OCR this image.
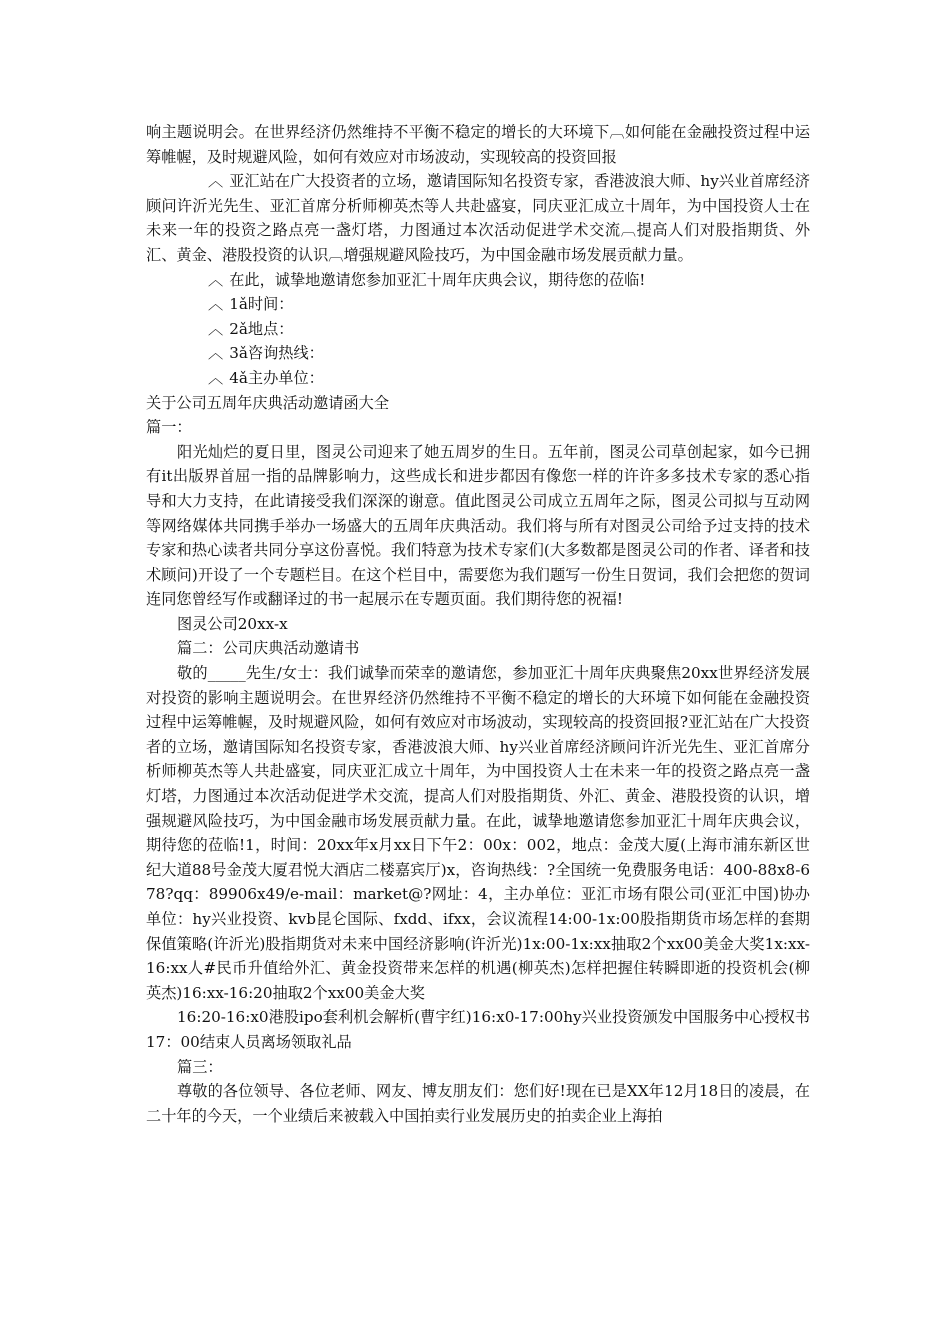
响主题说明会。在世界经济仍然维持不平衡不稳定的增长的大环境下︹如何能在金融投资过程中运筹帷幄，及时规避风险，如何有效应对市场波动，实现较高的投资回报

︿ 亚汇站在广大投资者的立场，邀请国际知名投资专家，香港波浪大师、hy兴业首席经济顾问许沂光先生、亚汇首席分析师柳英杰等人共赴盛宴，同庆亚汇成立十周年，为中国投资人士在未来一年的投资之路点亮一盏灯塔，力图通过本次活动促进学术交流︹提高人们对股指期货、外汇、黄金、港股投资的认识︹增强规避风险技巧，为中国金融市场发展贡献力量。

︿ 在此，诚挚地邀请您参加亚汇十周年庆典会议，期待您的莅临!

︿ 1ǎ时间：

︿ 2ǎ地点：

︿ 3ǎ咨询热线：

︿ 4ǎ主办单位：

关于公司五周年庆典活动邀请函大全

篇一：

阳光灿烂的夏日里，图灵公司迎来了她五周岁的生日。五年前，图灵公司草创起家，如今已拥有it出版界首屈一指的品牌影响力，这些成长和进步都因有像您一样的许许多多技术专家的悉心指导和大力支持，在此请接受我们深深的谢意。值此图灵公司成立五周年之际，图灵公司拟与互动网等网络媒体共同携手举办一场盛大的五周年庆典活动。我们将与所有对图灵公司给予过支持的技术专家和热心读者共同分享这份喜悦。我们特意为技术专家们(大多数都是图灵公司的作者、译者和技术顾问)开设了一个专题栏目。在这个栏目中，需要您为我们题写一份生日贺词，我们会把您的贺词连同您曾经写作或翻译过的书一起展示在专题页面。我们期待您的祝福!

图灵公司20xx-x

篇二：公司庆典活动邀请书

敬的_____先生/女士：我们诚挚而荣幸的邀请您，参加亚汇十周年庆典聚焦20xx世界经济发展对投资的影响主题说明会。在世界经济仍然维持不平衡不稳定的增长的大环境下如何能在金融投资过程中运筹帷幄，及时规避风险，如何有效应对市场波动，实现较高的投资回报?亚汇站在广大投资者的立场，邀请国际知名投资专家，香港波浪大师、hy兴业首席经济顾问许沂光先生、亚汇首席分析师柳英杰等人共赴盛宴，同庆亚汇成立十周年，为中国投资人士在未来一年的投资之路点亮一盏灯塔，力图通过本次活动促进学术交流，提高人们对股指期货、外汇、黄金、港股投资的认识，增强规避风险技巧，为中国金融市场发展贡献力量。在此，诚挚地邀请您参加亚汇十周年庆典会议，期待您的莅临!1，时间：20xx年x月xx日下午2：00x：002，地点：金茂大厦(上海市浦东新区世纪大道88号金茂大厦君悦大酒店二楼嘉宾厅)x，咨询热线：?全国统一免费服务电话：400-88x8-678?qq：89906x49/e-mail：market@?网址：4，主办单位：亚汇市场有限公司(亚汇中国)协办单位：hy兴业投资、kvb昆仑国际、fxdd、ifxx，会议流程14:00-1x:00股指期货市场怎样的套期保值策略(许沂光)股指期货对未来中国经济影响(许沂光)1x:00-1x:xx抽取2个xx00美金大奖1x:xx-16:xx人#民币升值给外汇、黄金投资带来怎样的机遇(柳英杰)怎样把握住转瞬即逝的投资机会(柳英杰)16:xx-16:20抽取2个xx00美金大奖

16:20-16:x0港股ipo套利机会解析(曹宇红)16:x0-17:00hy兴业投资颁发中国服务中心授权书17：00结束人员离场领取礼品

篇三：

尊敬的各位领导、各位老师、网友、博友朋友们：您们好!现在已是XX年12月18日的凌晨，在二十年的今天，一个业绩后来被载入中国拍卖行业发展历史的拍卖企业上海拍
